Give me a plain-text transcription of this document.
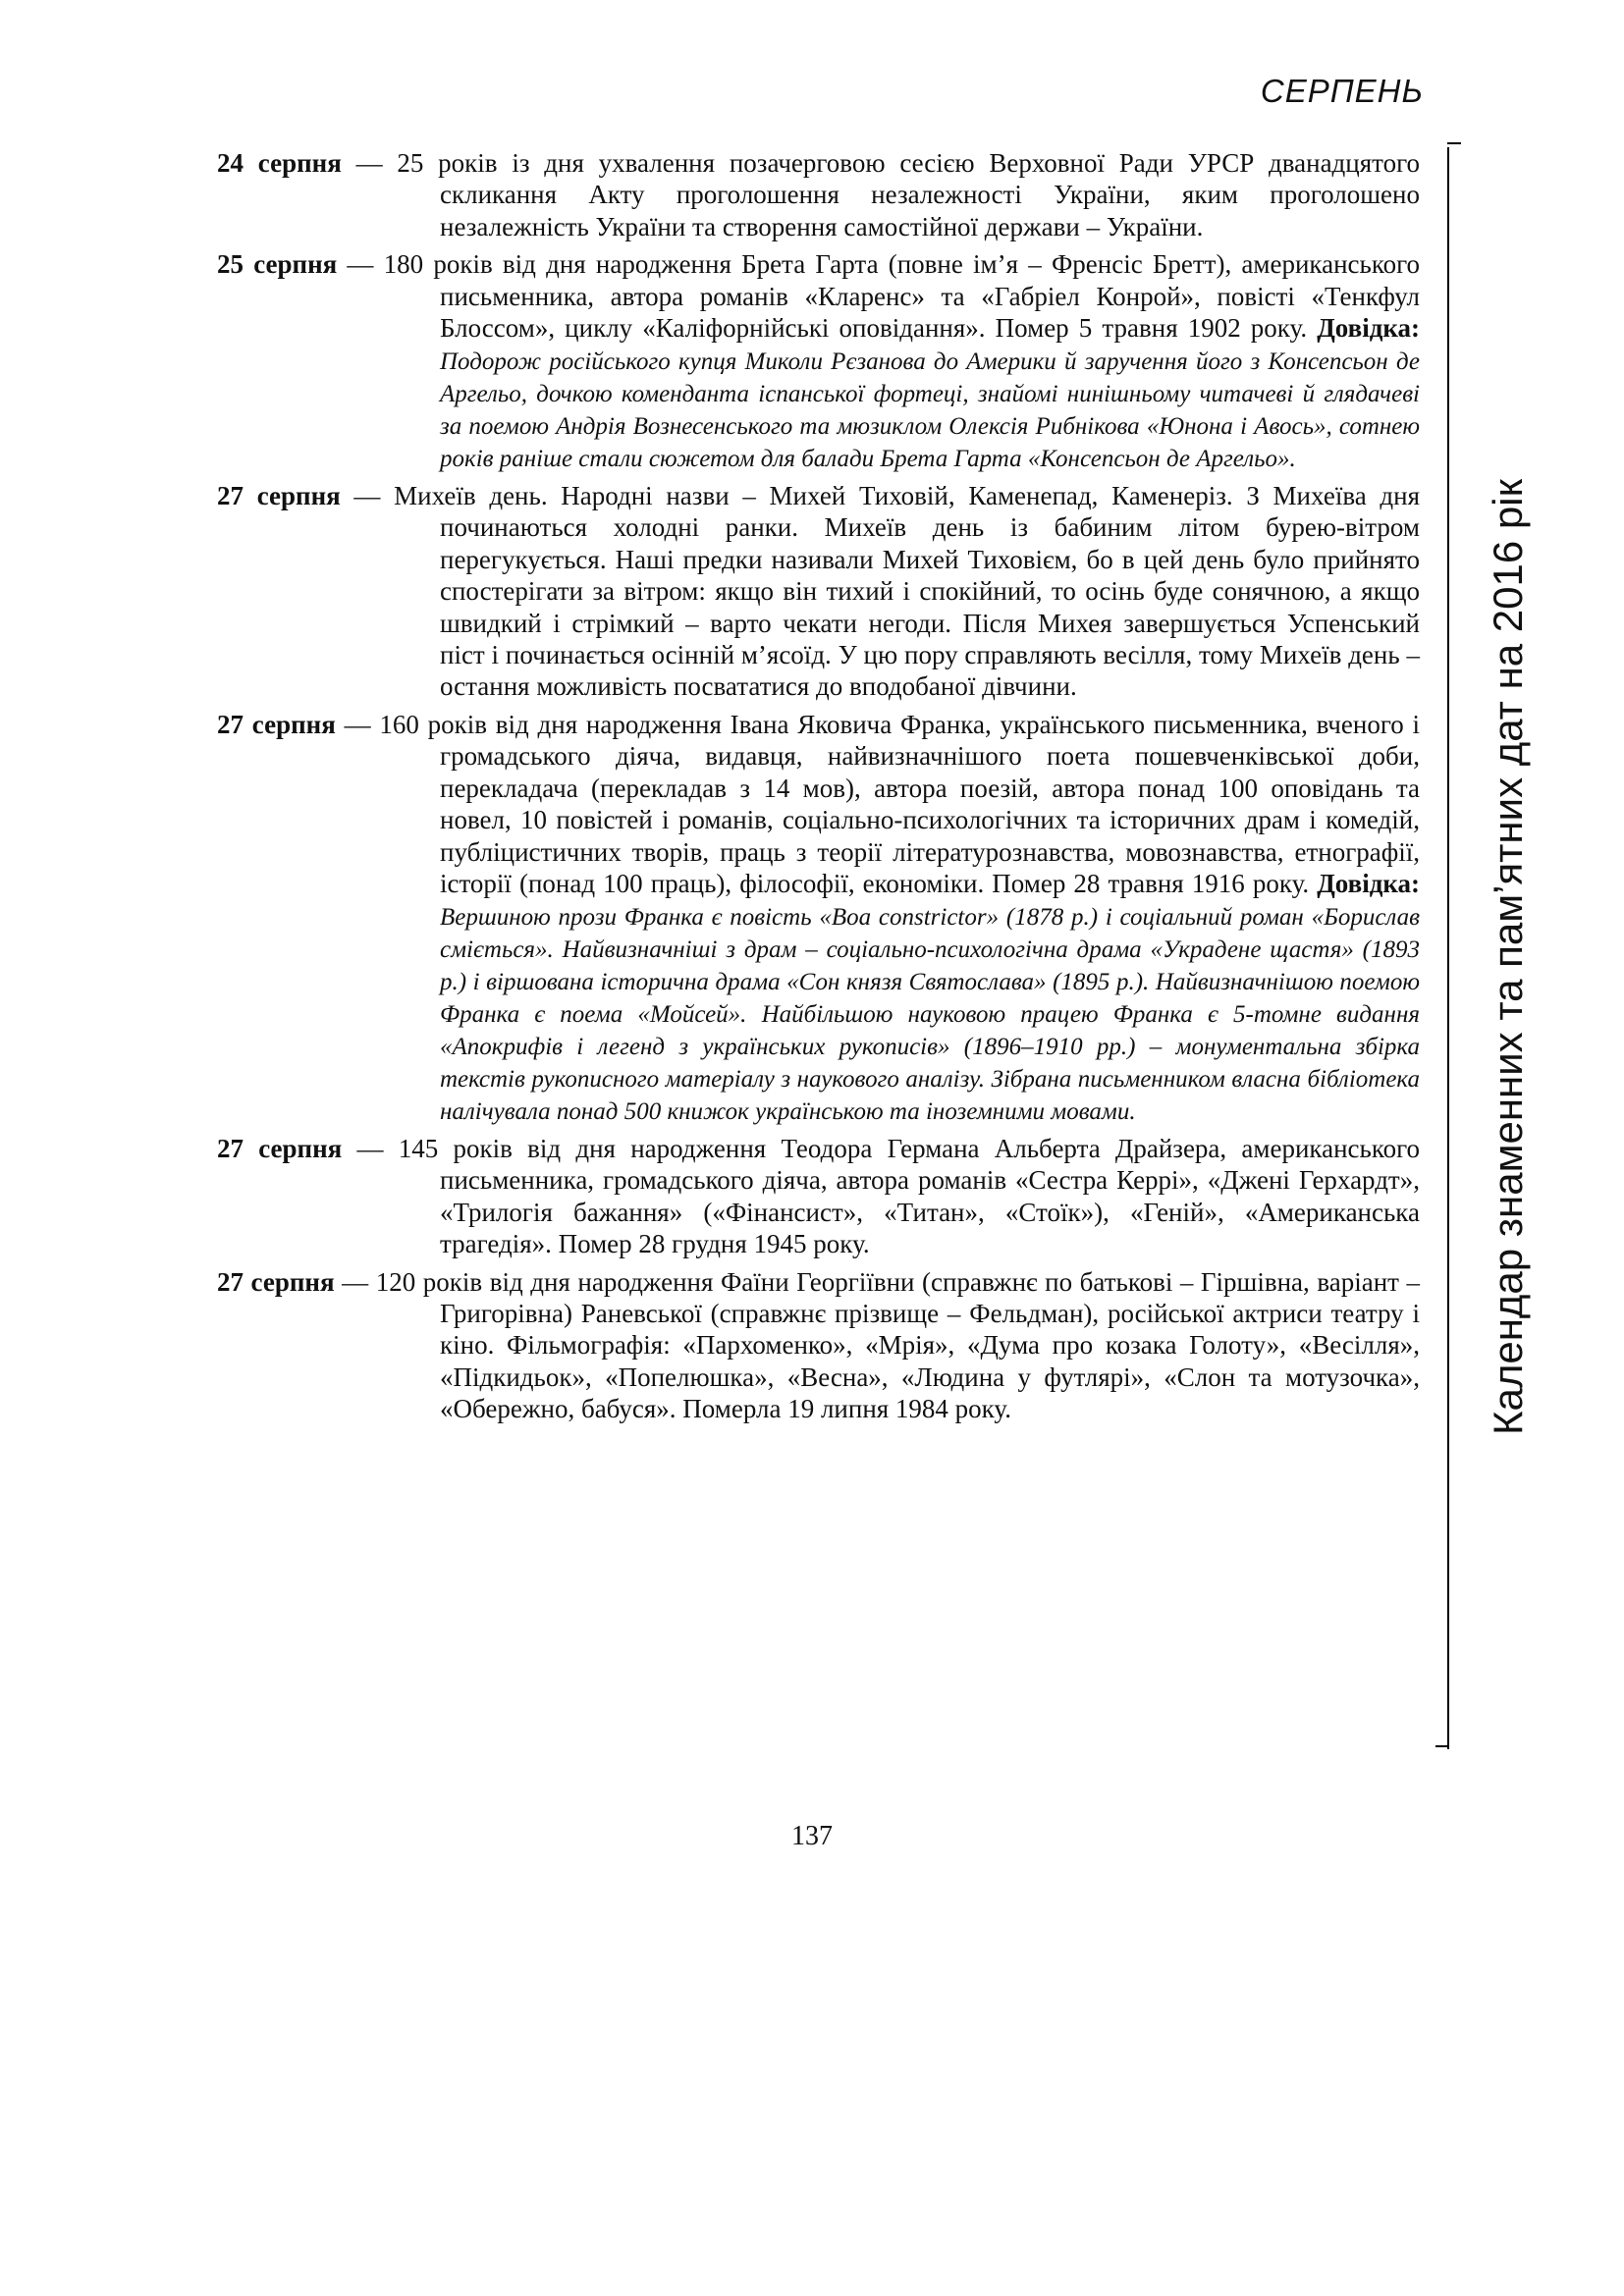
СЕРПЕНЬ

24 серпня — 25 років із дня ухвалення позачерговою сесією Верховної Ради УРСР дванадцятого скликання Акту проголошення незалежності України, яким проголошено незалежність України та створення самостійної держави – України.

25 серпня — 180 років від дня народження Брета Гарта (повне ім’я – Френсіс Бретт), американського письменника, автора романів «Кларенс» та «Габріел Конрой», повісті «Тенкфул Блоссом», циклу «Каліфорнійські оповідання». Помер 5 травня 1902 року. Довідка: Подорож російського купця Миколи Рєзанова до Америки й заручення його з Консепсьон де Аргельо, дочкою коменданта іспанської фортеці, знайомі нинішньому читачеві й глядачеві за поемою Андрія Вознесенського та мюзиклом Олексія Рибнікова «Юнона і Авось», сотнею років раніше стали сюжетом для балади Брета Гарта «Консепсьон де Аргельо».

27 серпня — Михеїв день. Народні назви – Михей Тиховій, Каменепад, Каменеріз. З Михеїва дня починаються холодні ранки. Михеїв день із бабиним літом бурею-вітром перегукується. Наші предки називали Михей Тиховієм, бо в цей день було прийнято спостерігати за вітром: якщо він тихий і спокійний, то осінь буде сонячною, а якщо швидкий і стрімкий – варто чекати негоди. Після Михея завершується Успенський піст і починається осінній м’ясоїд. У цю пору справляють весілля, тому Михеїв день – остання можливість посвататися до вподобаної дівчини.

27 серпня — 160 років від дня народження Івана Яковича Франка, українського письменника, вченого і громадського діяча, видавця, найвизначнішого поета пошевченківської доби, перекладача (перекладав з 14 мов), автора поезій, автора понад 100 оповідань та новел, 10 повістей і романів, соціально-психологічних та історичних драм і комедій, публіцистичних творів, праць з теорії літературознавства, мовознавства, етнографії, історії (понад 100 праць), філософії, економіки. Помер 28 травня 1916 року. Довідка: Вершиною прози Франка є повість «Boa constrictor» (1878 р.) і соціальний роман «Борислав сміється». Найвизначніші з драм – соціально-психологічна драма «Украдене щастя» (1893 р.) і віршована історична драма «Сон князя Святослава» (1895 р.). Найвизначнішою поемою Франка є поема «Мойсей». Найбільшою науковою працею Франка є 5-томне видання «Апокрифів і легенд з українських рукописів» (1896–1910 рр.) – монументальна збірка текстів рукописного матеріалу з наукового аналізу. Зібрана письменником власна бібліотека налічувала понад 500 книжок українською та іноземними мовами.

27 серпня — 145 років від дня народження Теодора Германа Альберта Драйзера, американського письменника, громадського діяча, автора романів «Сестра Керрі», «Джені Герхардт», «Трилогія бажання» («Фінансист», «Титан», «Стоїк»), «Геній», «Американська трагедія». Помер 28 грудня 1945 року.

27 серпня — 120 років від дня народження Фаїни Георгіївни (справжнє по батькові – Гіршівна, варіант – Григорівна) Раневської (справжнє прізвище – Фельдман), російської актриси театру і кіно. Фільмографія: «Пархоменко», «Мрія», «Дума про козака Голоту», «Весілля», «Підкидьок», «Попелюшка», «Весна», «Людина у футлярі», «Слон та мотузочка», «Обережно, бабуся». Померла 19 липня 1984 року.	Календар знаменних та пам’ятних дат на 2016 рік
137
